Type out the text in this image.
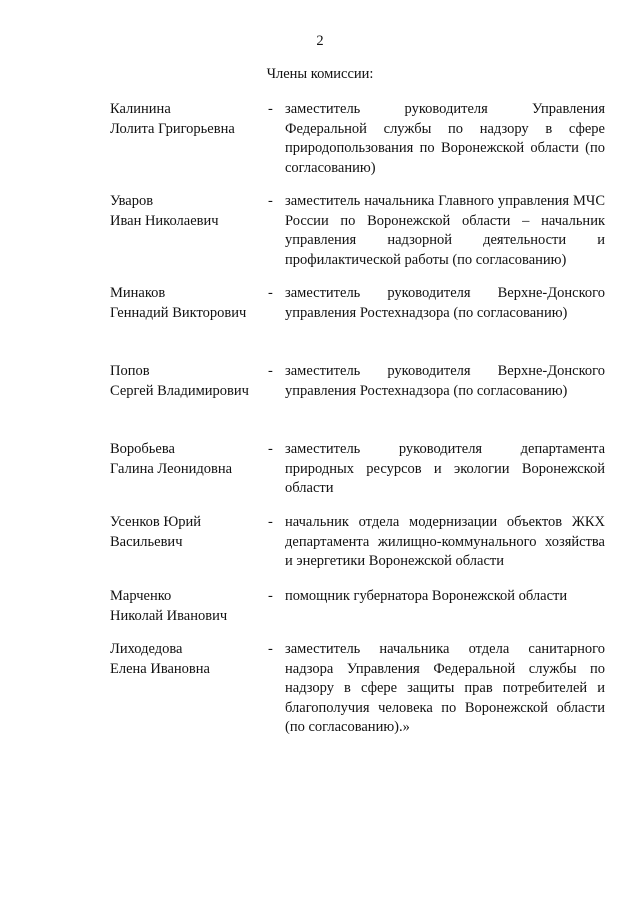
2
Члены комиссии:
Калинина
Лолита Григорьевна
- заместитель руководителя Управления Федеральной службы по надзору в сфере природопользования по Воронежской области (по согласованию)
Уваров
Иван Николаевич
- заместитель начальника Главного управления МЧС России по Воронежской области – начальник управления надзорной деятельности и профилактической работы (по согласованию)
Минаков
Геннадий Викторович
- заместитель руководителя Верхне-Донского управления Ростехнадзора (по согласованию)
Попов
Сергей Владимирович
- заместитель руководителя Верхне-Донского управления Ростехнадзора (по согласованию)
Воробьева
Галина Леонидовна
- заместитель руководителя департамента природных ресурсов и экологии Воронежской области
Усенков Юрий
Васильевич
- начальник отдела модернизации объектов ЖКХ департамента жилищно-коммунального хозяйства и энергетики Воронежской области
Марченко
Николай Иванович
- помощник губернатора Воронежской области
Лиходедова
Елена Ивановна
- заместитель начальника отдела санитарного надзора Управления Федеральной службы по надзору в сфере защиты прав потребителей и благополучия человека по Воронежской области (по согласованию).»
